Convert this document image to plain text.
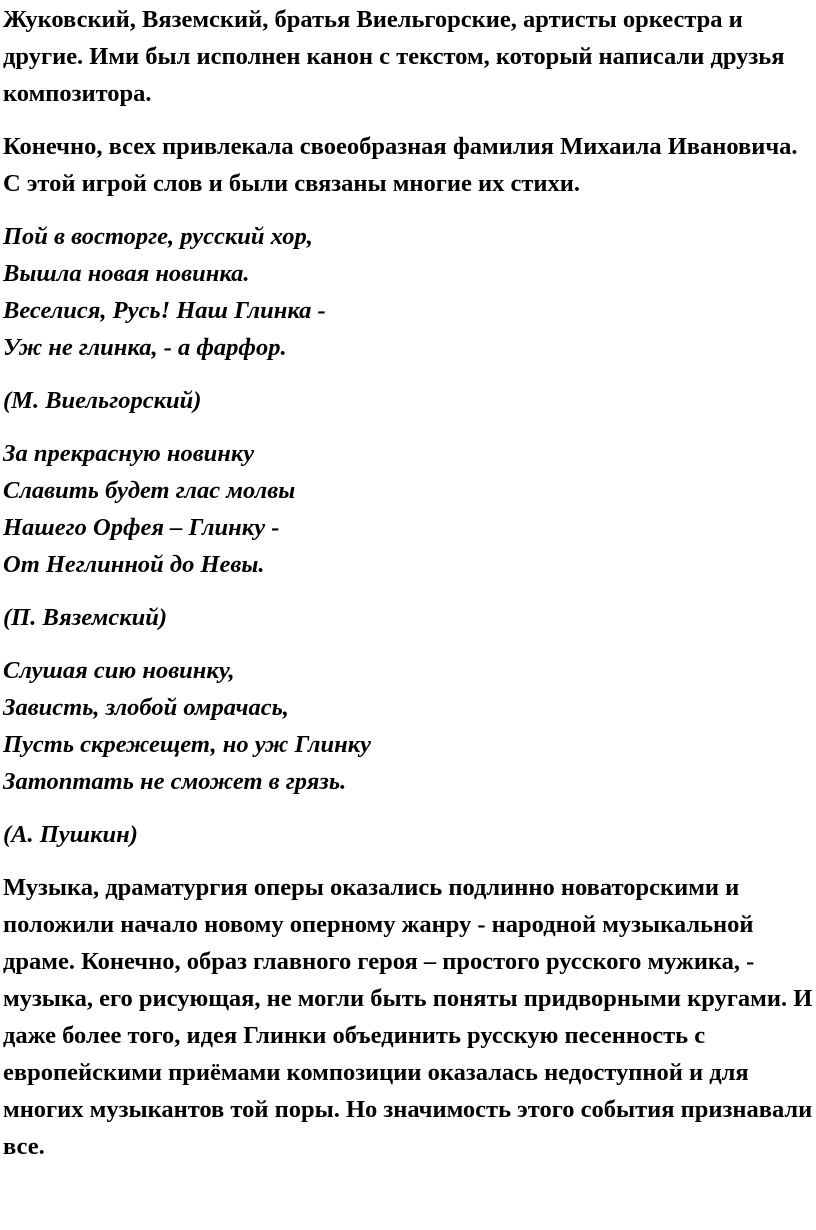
Жуковский, Вяземский, братья Виельгорские, артисты оркестра и другие. Ими был исполнен канон с текстом, который написали друзья композитора.

Конечно, всех привлекала своеобразная фамилия Михаила Ивановича. С этой игрой слов и были связаны многие их стихи.

Пой в восторге, русский хор,
Вышла новая новинка.
Веселися, Русь! Наш Глинка -
Уж не глинка, - а фарфор.

(М. Виельгорский)

За прекрасную новинку
Славить будет глас молвы
Нашего Орфея – Глинку -
От Неглинной до Невы.

(П. Вяземский)

Слушая сию новинку,
Зависть, злобой омрачась,
Пусть скрежещет, но уж Глинку
Затоптать не сможет в грязь.

(А. Пушкин)

Музыка, драматургия оперы оказались подлинно новаторскими и положили начало новому оперному жанру - народной музыкальной драме. Конечно, образ главного героя – простого русского мужика, - музыка, его рисующая, не могли быть поняты придворными кругами. И даже более того, идея Глинки объединить русскую песенность с европейскими приёмами композиции оказалась недоступной и для многих музыкантов той поры. Но значимость этого события признавали все.
